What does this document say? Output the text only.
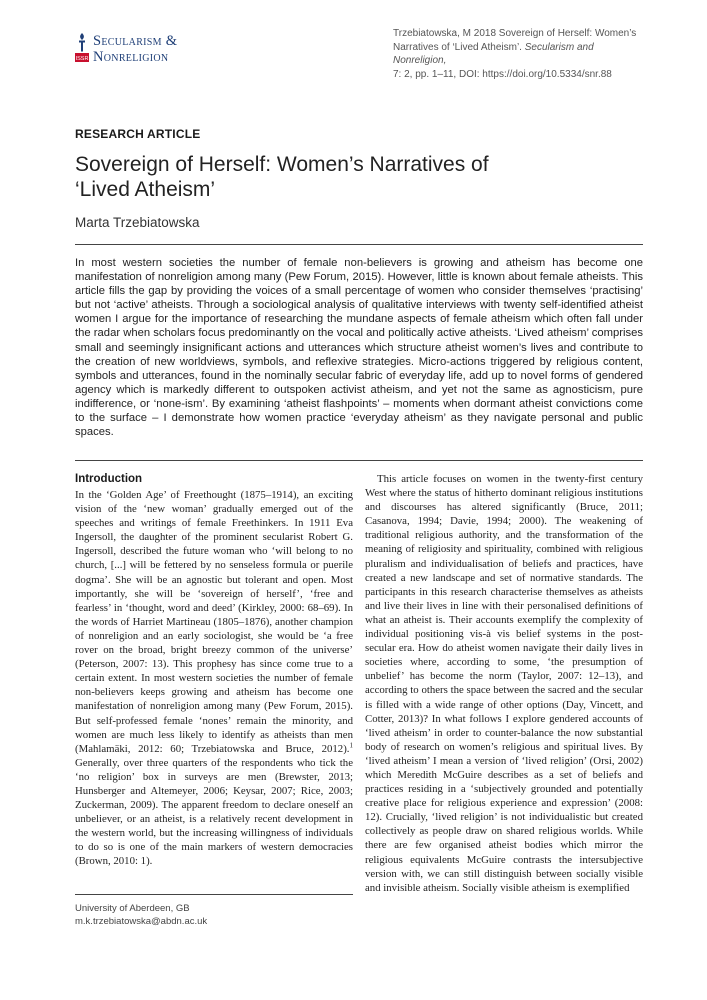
ISSR
Secularism &
Nonreligion
Trzebiatowska, M 2018 Sovereign of Herself: Women’s
Narratives of ‘Lived Atheism’. Secularism and Nonreligion,
7: 2, pp. 1–11, DOI: https://doi.org/10.5334/snr.88
RESEARCH ARTICLE
Sovereign of Herself: Women’s Narratives of
‘Lived Atheism’
Marta Trzebiatowska

In most western societies the number of female non-believers is growing and atheism has become one manifestation of nonreligion among many (Pew Forum, 2015). However, little is known about female atheists. This article fills the gap by providing the voices of a small percentage of women who consider themselves ‘practising’ but not ‘active’ atheists. Through a sociological analysis of qualitative interviews with twenty self-identified atheist women I argue for the importance of researching the mundane aspects of female atheism which often fall under the radar when scholars focus predominantly on the vocal and politically active atheists. ‘Lived atheism’ comprises small and seemingly insignificant actions and utterances which structure atheist women’s lives and contribute to the creation of new worldviews, symbols, and reflexive strategies. Micro-actions triggered by religious content, symbols and utterances, found in the nominally secular fabric of everyday life, add up to novel forms of gendered agency which is markedly different to outspoken activist atheism, and yet not the same as agnosticism, pure indifference, or ‘none-ism’. By examining ‘atheist flashpoints’ – moments when dormant atheist convictions come to the surface – I demonstrate how women practice ‘everyday atheism’ as they navigate personal and public spaces.

Introduction

In the ‘Golden Age’ of Freethought (1875–1914), an exciting vision of the ‘new woman’ gradually emerged out of the speeches and writings of female Freethinkers. In 1911 Eva Ingersoll, the daughter of the prominent secularist Robert G. Ingersoll, described the future woman who ‘will belong to no church, [...] will be fettered by no senseless formula or puerile dogma’. She will be an agnostic but tolerant and open. Most importantly, she will be ‘sovereign of herself’, ‘free and fearless’ in ‘thought, word and deed’ (Kirkley, 2000: 68–69). In the words of Harriet Martineau (1805–1876), another champion of nonreligion and an early sociologist, she would be ‘a free rover on the broad, bright breezy common of the universe’ (Peterson, 2007: 13). This prophesy has since come true to a certain extent. In most western societies the number of female non-believers keeps growing and atheism has become one manifestation of nonreligion among many (Pew Forum, 2015). But self-professed female ‘nones’ remain the minority, and women are much less likely to identify as atheists than men (Mahlamäki, 2012: 60; Trzebiatowska and Bruce, 2012).$^1$ Generally, over three quarters of the respondents who tick the ‘no religion’ box in surveys are men (Brewster, 2013; Hunsberger and Altemeyer, 2006; Keysar, 2007; Rice, 2003; Zuckerman, 2009). The apparent freedom to declare oneself an unbeliever, or an atheist, is a relatively recent development in the western world, but the increasing willingness of individuals to do so is one of the main markers of western democracies (Brown, 2010: 1).

This article focuses on women in the twenty-first century West where the status of hitherto dominant religious institutions and discourses has altered significantly (Bruce, 2011; Casanova, 1994; Davie, 1994; 2000). The weakening of traditional religious authority, and the transformation of the meaning of religiosity and spirituality, combined with religious pluralism and individualisation of beliefs and practices, have created a new landscape and set of normative standards. The participants in this research characterise themselves as atheists and live their lives in line with their personalised definitions of what an atheist is. Their accounts exemplify the complexity of individual positioning vis-à vis belief systems in the post-secular era. How do atheist women navigate their daily lives in societies where, according to some, ‘the presumption of unbelief’ has become the norm (Taylor, 2007: 12–13), and according to others the space between the sacred and the secular is filled with a wide range of other options (Day, Vincett, and Cotter, 2013)? In what follows I explore gendered accounts of ‘lived atheism’ in order to counter-balance the now substantial body of research on women’s religious and spiritual lives. By ‘lived atheism’ I mean a version of ‘lived religion’ (Orsi, 2002) which Meredith McGuire describes as a set of beliefs and practices residing in a ‘subjectively grounded and potentially creative place for religious experience and expression’ (2008: 12). Crucially, ‘lived religion’ is not individualistic but created collectively as people draw on shared religious worlds. While there are few organised atheist bodies which mirror the religious equivalents McGuire contrasts the intersubjective version with, we can still distinguish between socially visible and invisible atheism. Socially visible atheism is exemplified

University of Aberdeen, GB
m.k.trzebiatowska@abdn.ac.uk
